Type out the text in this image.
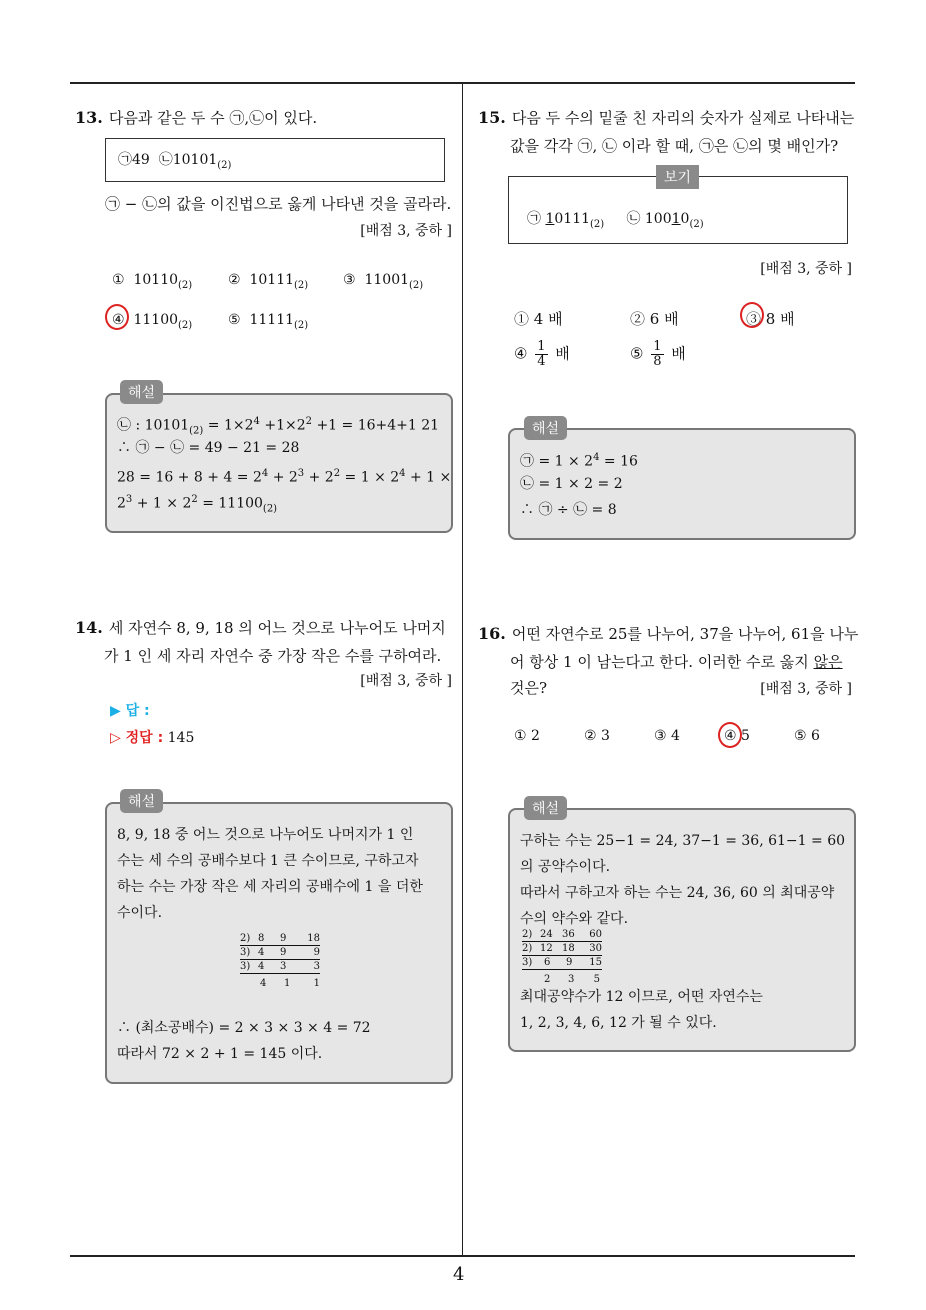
4
13. 다음과 같은 두 수 ㉠,㉡이 있다.
㉠49 $㉡10101_{(2)}$
㉠ − ㉡의 값을 이진법으로 옳게 나타낸 것을 골라라.
[배점 3, 중하 ]
① $10110_{(2)}$	② $10111_{(2)}$ ③ $11001_{(2)}$
④ $11100_{(2)}$	⑤ $11111_{(2)}$
해설
㉡ : $10101_{(2)} = 1\times 2^4 +1\times 2^2 +1 = 16+4+1$ 21
∴ ㉠ − ㉡ = 49 − 21 = 28
$28 = 16 + 8 + 4 = 2^4 + 2^3 + 2^2 = 1 \times 2^4 + 1$ ×
$2^3 + 1 \times 2^2 = 11100_{(2)}$
14. 세 자연수 8, 9, 18 의 어느 것으로 나누어도 나머지
가 1 인 세 자리 자연수 중 가장 작은 수를 구하여라.
[배점 3, 중하 ]
▶ 답 :
▷ 정답 : 145
해설
8, 9, 18 중 어느 것으로 나누어도 나머지가 1 인
수는 세 수의 공배수보다 1 큰 수이므로, 구하고자
하는 수는 가장 작은 세 자리의 공배수에 1 을 더한
수이다.
2) 8	9	18
3) 4	9	9
3) 4	3	3
4	1	1
∴ (최소공배수) = 2 × 3 × 3 × 4 = 72
따라서 72 × 2 + 1 = 145 이다.
15. 다음 두 수의 밑줄 친 자리의 숫자가 실제로 나타내는
값을 각각 ㉠, ㉡ 이라 할 때, ㉠은 ㉡의 몇 배인가?
㉠ $10111_{(2)}$ ㉡ $10010_{(2)}$
보기
[배점 3, 중하 ]
① 4 배	② 6 배	③ 8 배
④ $\frac{1}{4}$ 배	⑤ $\frac{1}{8}$ 배
해설
㉠ = $1 \times 2^4 = 16$
㉡ = 1 × 2 = 2
∴ ㉠ ÷ ㉡ = 8
16. 어떤 자연수로 25를 나누어, 37을 나누어, 61을 나누
어 항상 1 이 남는다고 한다. 이러한 수로 옳지 않은
것은?	[배점 3, 중하 ]
① 2	② 3	③ 4	④ 5	⑤ 6
해설
구하는 수는 25−1 = 24, 37−1 = 36, 61−1 = 60
의 공약수이다.
따라서 구하고자 하는 수는 24, 36, 60 의 최대공약
수의 약수와 같다.
2) 24 36	60
2) 12 18	30
3)	6	9	15
2	3	5
최대공약수가 12 이므로, 어떤 자연수는
1, 2, 3, 4, 6, 12 가 될 수 있다.
